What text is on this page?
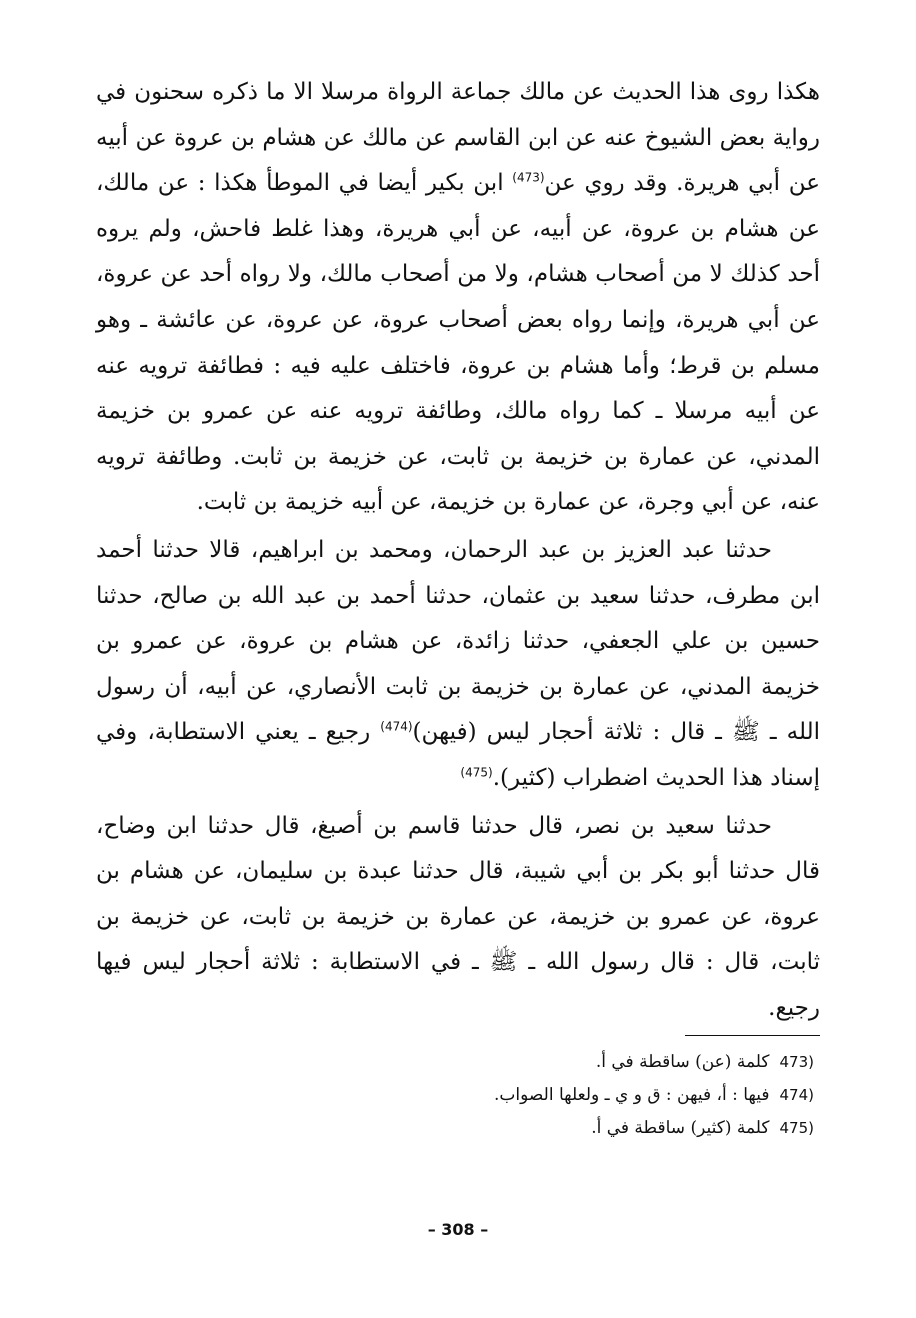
هكذا روى هذا الحديث عن مالك جماعة الرواة مرسلا الا ما ذكره سحنون في رواية بعض الشيوخ عنه عن ابن القاسم عن مالك عن هشام بن عروة عن أبيه عن أبي هريرة. وقد روي عن$^{(473)}$ ابن بكير أيضا في الموطأ هكذا : عن مالك، عن هشام بن عروة، عن أبيه، عن أبي هريرة، وهذا غلط فاحش، ولم يروه أحد كذلك لا من أصحاب هشام، ولا من أصحاب مالك، ولا رواه أحد عن عروة، عن أبي هريرة، وإنما رواه بعض أصحاب عروة، عن عروة، عن عائشة ـ وهو مسلم بن قرط؛ وأما هشام بن عروة، فاختلف عليه فيه : فطائفة ترويه عنه عن أبيه مرسلا ـ كما رواه مالك، وطائفة ترويه عنه عن عمرو بن خزيمة المدني، عن عمارة بن خزيمة بن ثابت، عن خزيمة بن ثابت. وطائفة ترويه عنه، عن أبي وجرة، عن عمارة بن خزيمة، عن أبيه خزيمة بن ثابت.

حدثنا عبد العزيز بن عبد الرحمان، ومحمد بن ابراهيم، قالا حدثنا أحمد ابن مطرف، حدثنا سعيد بن عثمان، حدثنا أحمد بن عبد الله بن صالح، حدثنا حسين بن علي الجعفي، حدثنا زائدة، عن هشام بن عروة، عن عمرو بن خزيمة المدني، عن عمارة بن خزيمة بن ثابت الأنصاري، عن أبيه، أن رسول الله ـ ﷺ ـ قال : ثلاثة أحجار ليس (فيهن)$^{(474)}$ رجيع ـ يعني الاستطابة، وفي إسناد هذا الحديث اضطراب (كثير).$^{(475)}$

حدثنا سعيد بن نصر، قال حدثنا قاسم بن أصبغ، قال حدثنا ابن وضاح، قال حدثنا أبو بكر بن أبي شيبة، قال حدثنا عبدة بن سليمان، عن هشام بن عروة، عن عمرو بن خزيمة، عن عمارة بن خزيمة بن ثابت، عن خزيمة بن ثابت، قال : قال رسول الله ـ ﷺ ـ في الاستطابة : ثلاثة أحجار ليس فيها رجيع.

473)
كلمة (عن) ساقطة في أ.
474)
فيها : أ، فيهن : ق و ي ـ ولعلها الصواب.
475)
كلمة (كثير) ساقطة في أ.
– 308 –
